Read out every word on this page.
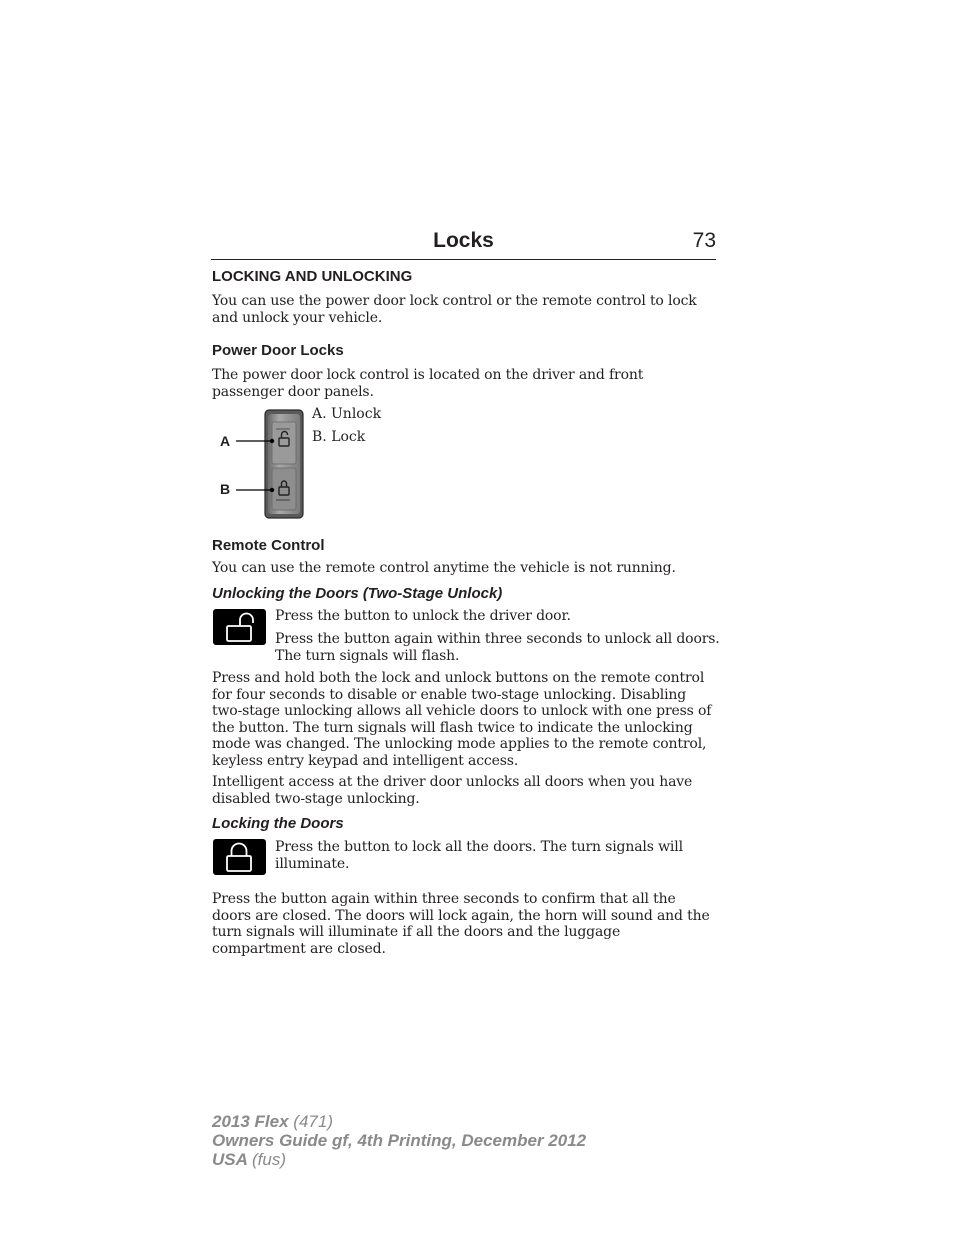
Locks	73
LOCKING AND UNLOCKING
You can use the power door lock control or the remote control to lock and unlock your vehicle.
Power Door Locks
The power door lock control is located on the driver and front passenger door panels.
A
B
A. Unlock
B. Lock
Remote Control
You can use the remote control anytime the vehicle is not running.
Unlocking the Doors (Two-Stage Unlock)
Press the button to unlock the driver door.
Press the button again within three seconds to unlock all doors. The turn signals will flash.
Press and hold both the lock and unlock buttons on the remote control for four seconds to disable or enable two-stage unlocking. Disabling two-stage unlocking allows all vehicle doors to unlock with one press of the button. The turn signals will flash twice to indicate the unlocking mode was changed. The unlocking mode applies to the remote control, keyless entry keypad and intelligent access.
Intelligent access at the driver door unlocks all doors when you have disabled two-stage unlocking.
Locking the Doors
Press the button to lock all the doors. The turn signals will illuminate.
Press the button again within three seconds to confirm that all the doors are closed. The doors will lock again, the horn will sound and the turn signals will illuminate if all the doors and the luggage compartment are closed.
2013 Flex (471)
Owners Guide gf, 4th Printing, December 2012
USA (fus)
